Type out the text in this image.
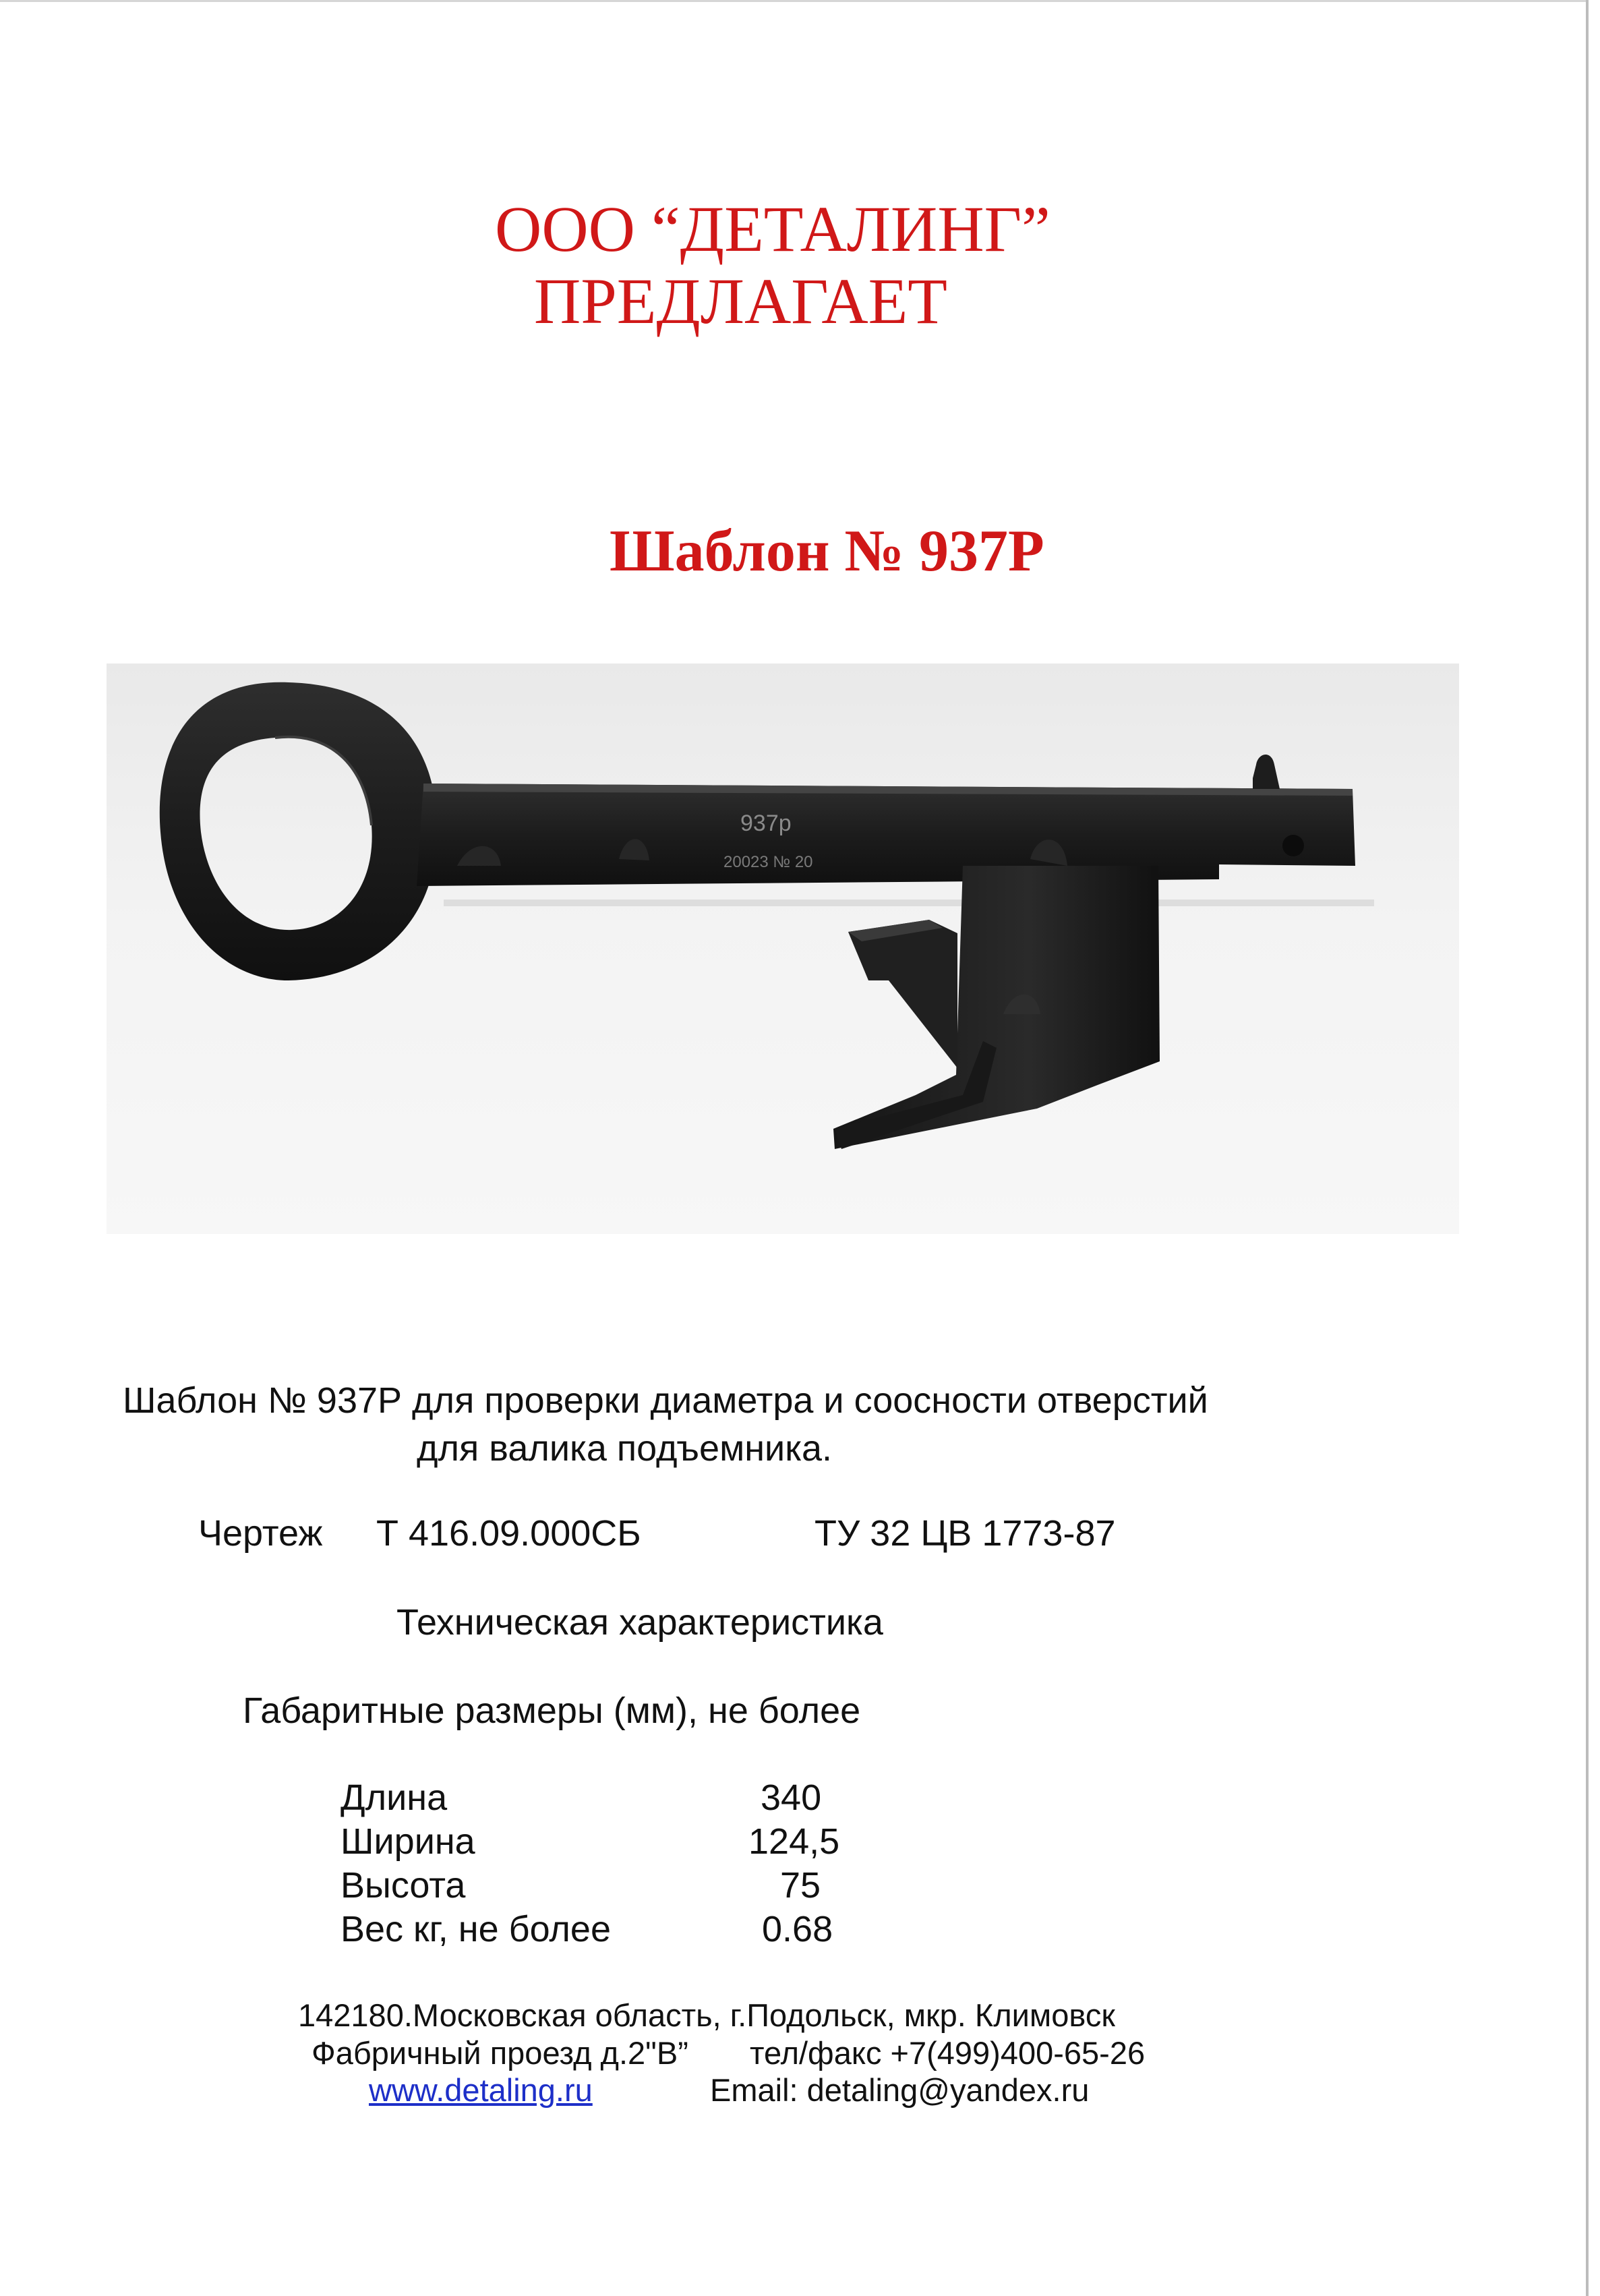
ООО “ДЕТАЛИНГ”
ПРЕДЛАГАЕТ
Шаблон № 937Р
937р
20023 № 20
Шаблон № 937Р для проверки диаметра и соосности отверстий
для валика подъемника.
Чертеж Т 416.09.000СБ	ТУ 32 ЦВ 1773-87
Техническая характеристика
Габаритные размеры (мм), не более
Длина	340
Ширина	124,5
Высота	75
Вес кг, не более	0.68
142180.Московская область, г.Подольск, мкр. Климовск
Фабричный проезд д.2"В” тел/факс +7(499)400-65-26
www.detaling.ru	Email: detaling@yandex.ru
